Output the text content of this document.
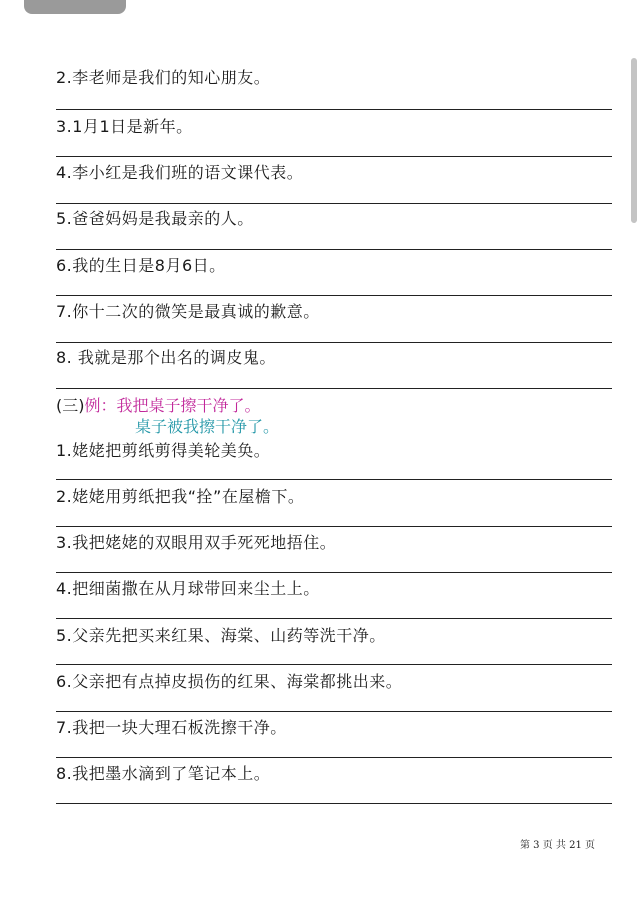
2.李老师是我们的知心朋友。
3.1月1日是新年。
4.李小红是我们班的语文课代表。
5.爸爸妈妈是我最亲的人。
6.我的生日是8月6日。
7.你十二次的微笑是最真诚的歉意。
8. 我就是那个出名的调皮鬼。
(三)例：我把桌子擦干净了。
桌子被我擦干净了。
1.姥姥把剪纸剪得美轮美奂。
2.姥姥用剪纸把我“拴”在屋檐下。
3.我把姥姥的双眼用双手死死地捂住。
4.把细菌撒在从月球带回来尘土上。
5.父亲先把买来红果、海棠、山药等洗干净。
6.父亲把有点掉皮损伤的红果、海棠都挑出来。
7.我把一块大理石板洗擦干净。
8.我把墨水滴到了笔记本上。
第 3 页 共 21 页
